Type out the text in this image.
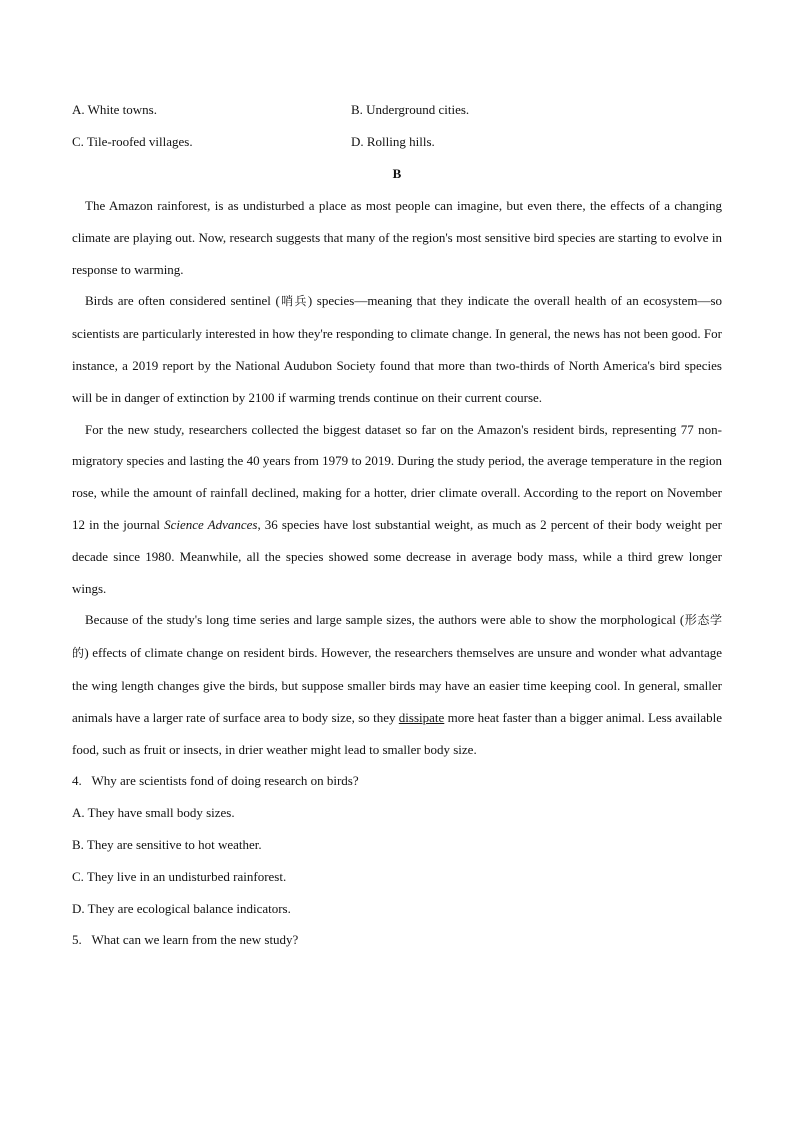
A. White towns.	B. Underground cities.
C. Tile-roofed villages.	D. Rolling hills.
B

The Amazon rainforest, is as undisturbed a place as most people can imagine, but even there, the effects of a changing climate are playing out. Now, research suggests that many of the region's most sensitive bird species are starting to evolve in response to warming.

Birds are often considered sentinel (哨兵) species—meaning that they indicate the overall health of an ecosystem—so scientists are particularly interested in how they're responding to climate change. In general, the news has not been good. For instance, a 2019 report by the National Audubon Society found that more than two-thirds of North America's bird species will be in danger of extinction by 2100 if warming trends continue on their current course.

For the new study, researchers collected the biggest dataset so far on the Amazon's resident birds, representing 77 non-migratory species and lasting the 40 years from 1979 to 2019. During the study period, the average temperature in the region rose, while the amount of rainfall declined, making for a hotter, drier climate overall. According to the report on November 12 in the journal Science Advances, 36 species have lost substantial weight, as much as 2 percent of their body weight per decade since 1980. Meanwhile, all the species showed some decrease in average body mass, while a third grew longer wings.

Because of the study's long time series and large sample sizes, the authors were able to show the morphological (形态学的) effects of climate change on resident birds. However, the researchers themselves are unsure and wonder what advantage the wing length changes give the birds, but suppose smaller birds may have an easier time keeping cool. In general, smaller animals have a larger rate of surface area to body size, so they dissipate more heat faster than a bigger animal. Less available food, such as fruit or insects, in drier weather might lead to smaller body size.

4.   Why are scientists fond of doing research on birds?

A. They have small body sizes.

B. They are sensitive to hot weather.

C. They live in an undisturbed rainforest.

D. They are ecological balance indicators.

5.   What can we learn from the new study?
